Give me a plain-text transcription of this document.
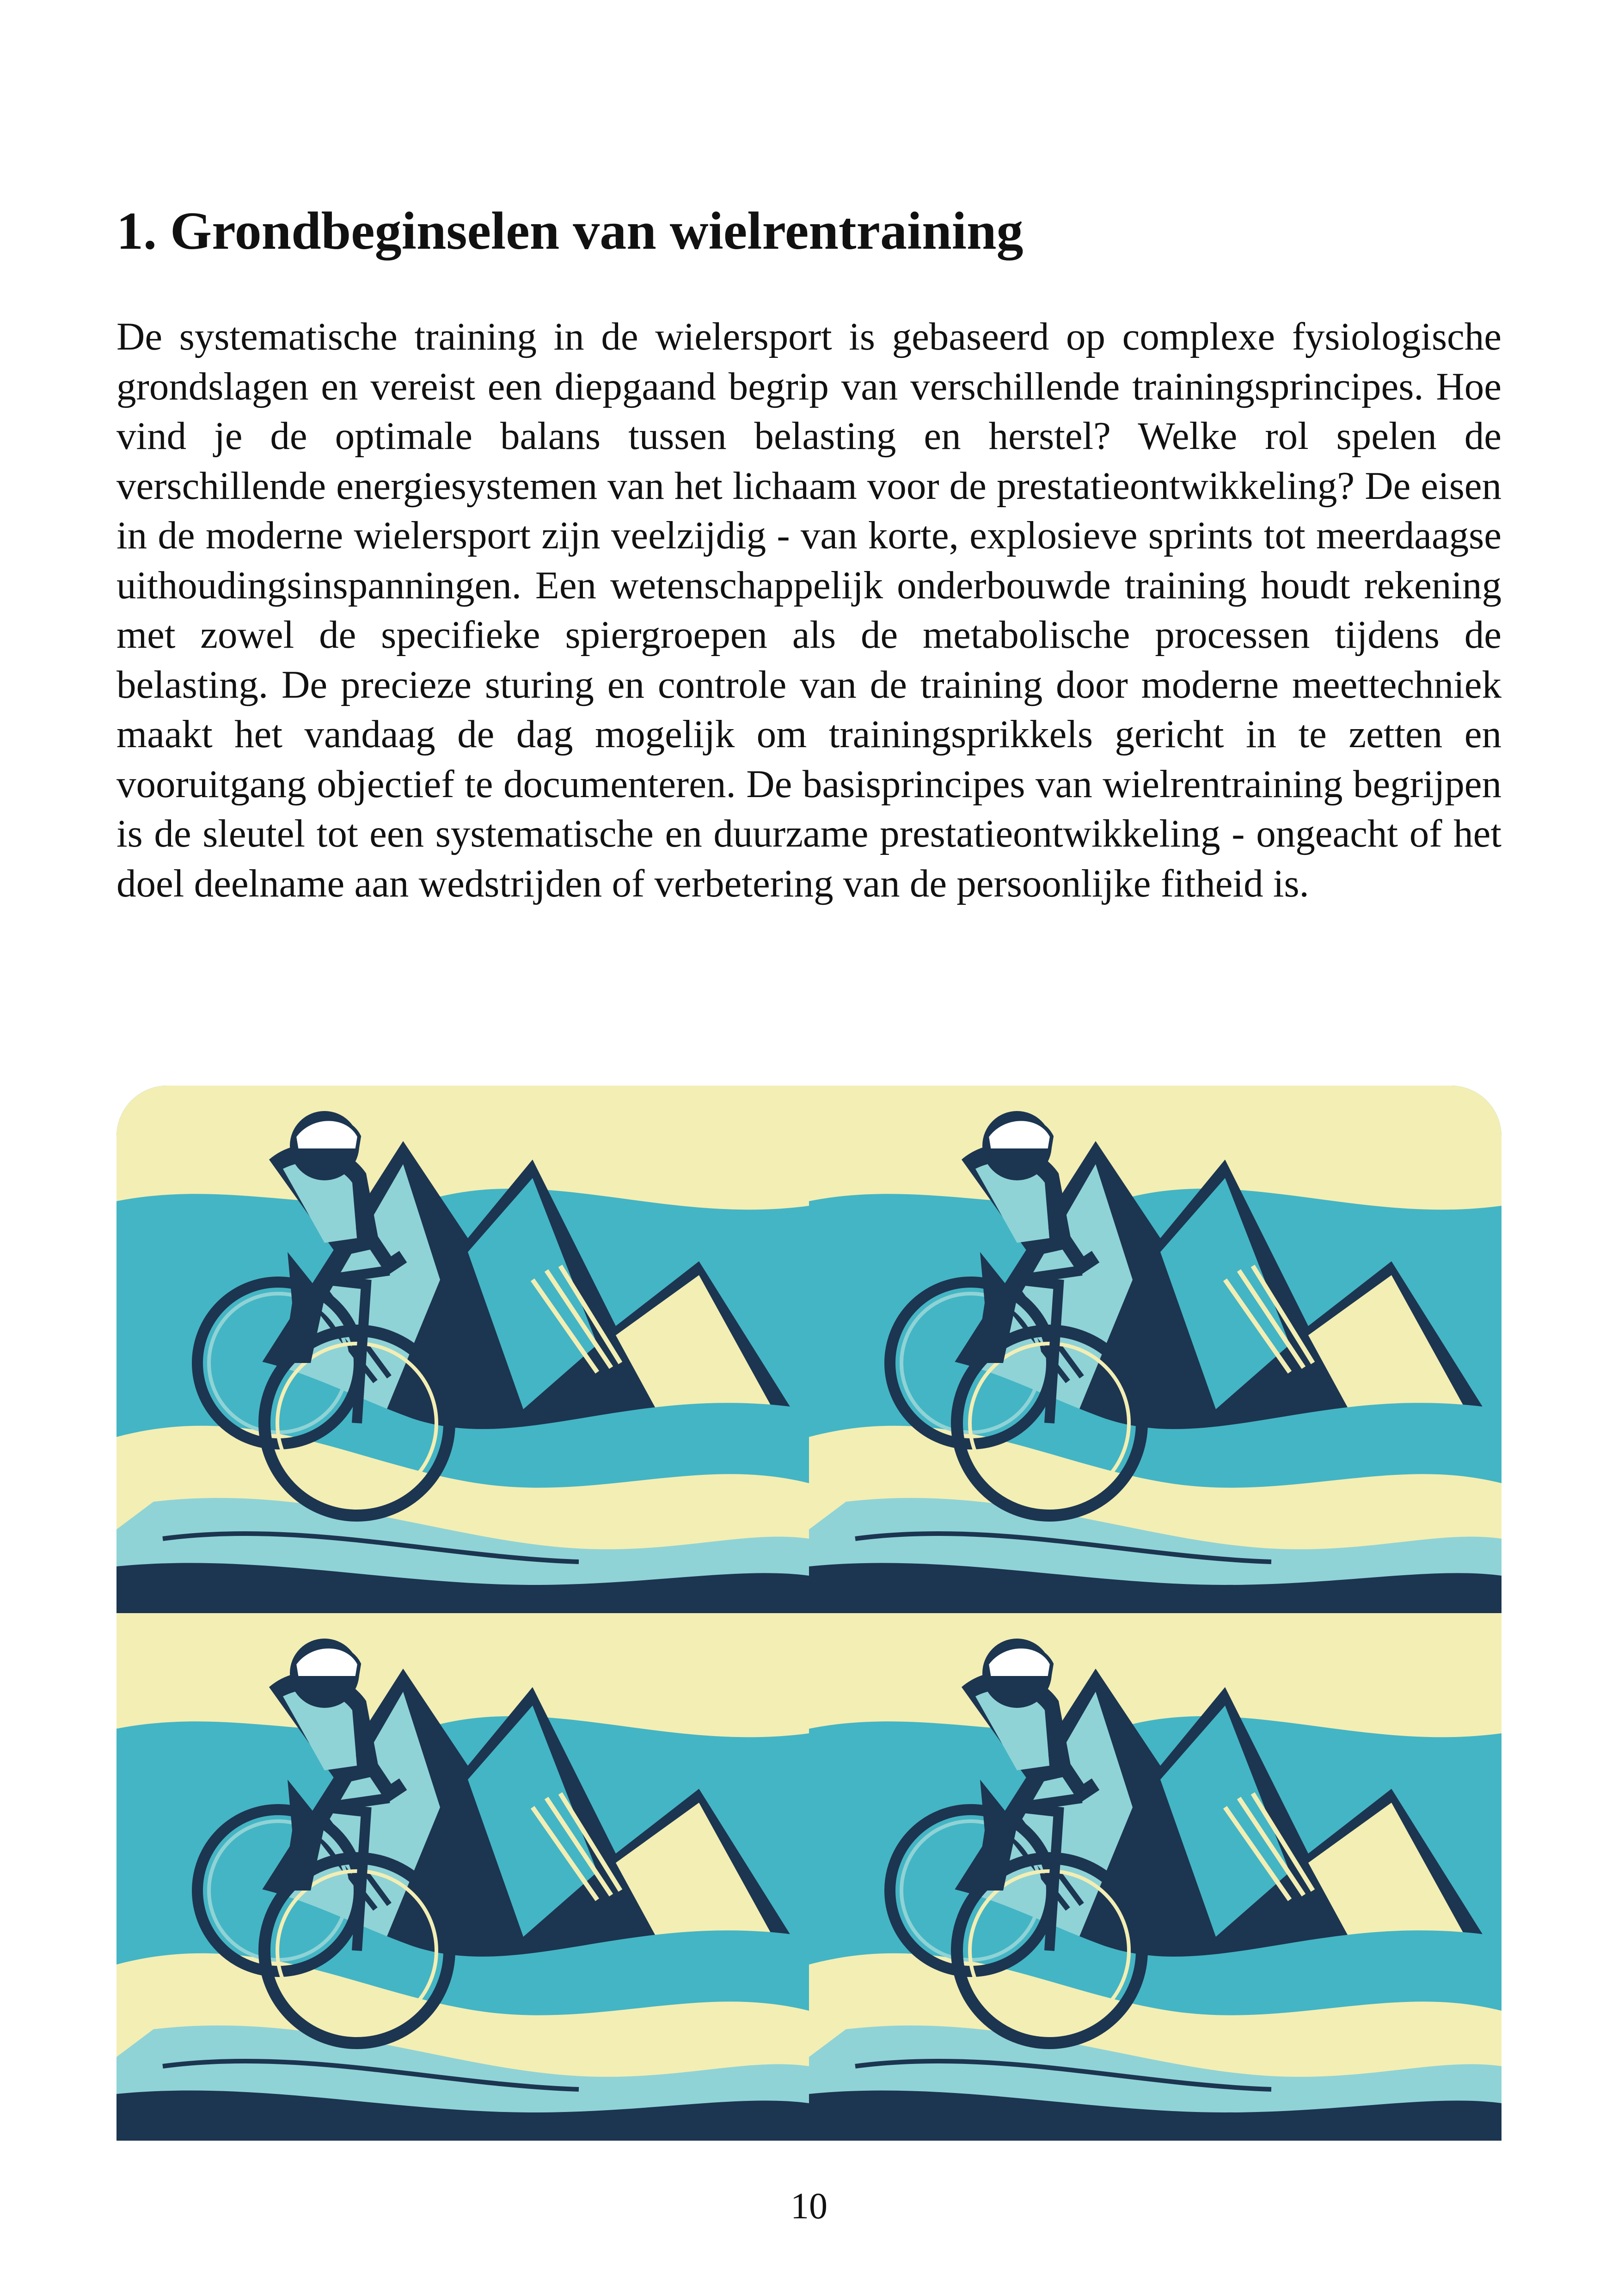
1. Grondbeginselen van wielrentraining

De systematische training in de wielersport is gebaseerd op complexe fysiologische grondslagen en vereist een diepgaand begrip van verschillende trainingsprincipes. Hoe vind je de optimale balans tussen belasting en herstel? Welke rol spelen de verschillende energiesystemen van het lichaam voor de prestatieontwikkeling? De eisen in de moderne wielersport zijn veelzijdig - van korte, explosieve sprints tot meerdaagse uithoudingsinspanningen. Een wetenschappelijk onderbouwde training houdt rekening met zowel de specifieke spiergroepen als de metabolische processen tijdens de belasting. De precieze sturing en controle van de training door moderne meettechniek maakt het vandaag de dag mogelijk om trainingsprikkels gericht in te zetten en vooruitgang objectief te documenteren. De basisprincipes van wielrentraining begrijpen is de sleutel tot een systematische en duurzame prestatieontwikkeling - ongeacht of het doel deelname aan wedstrijden of verbetering van de persoonlijke fitheid is.

10
